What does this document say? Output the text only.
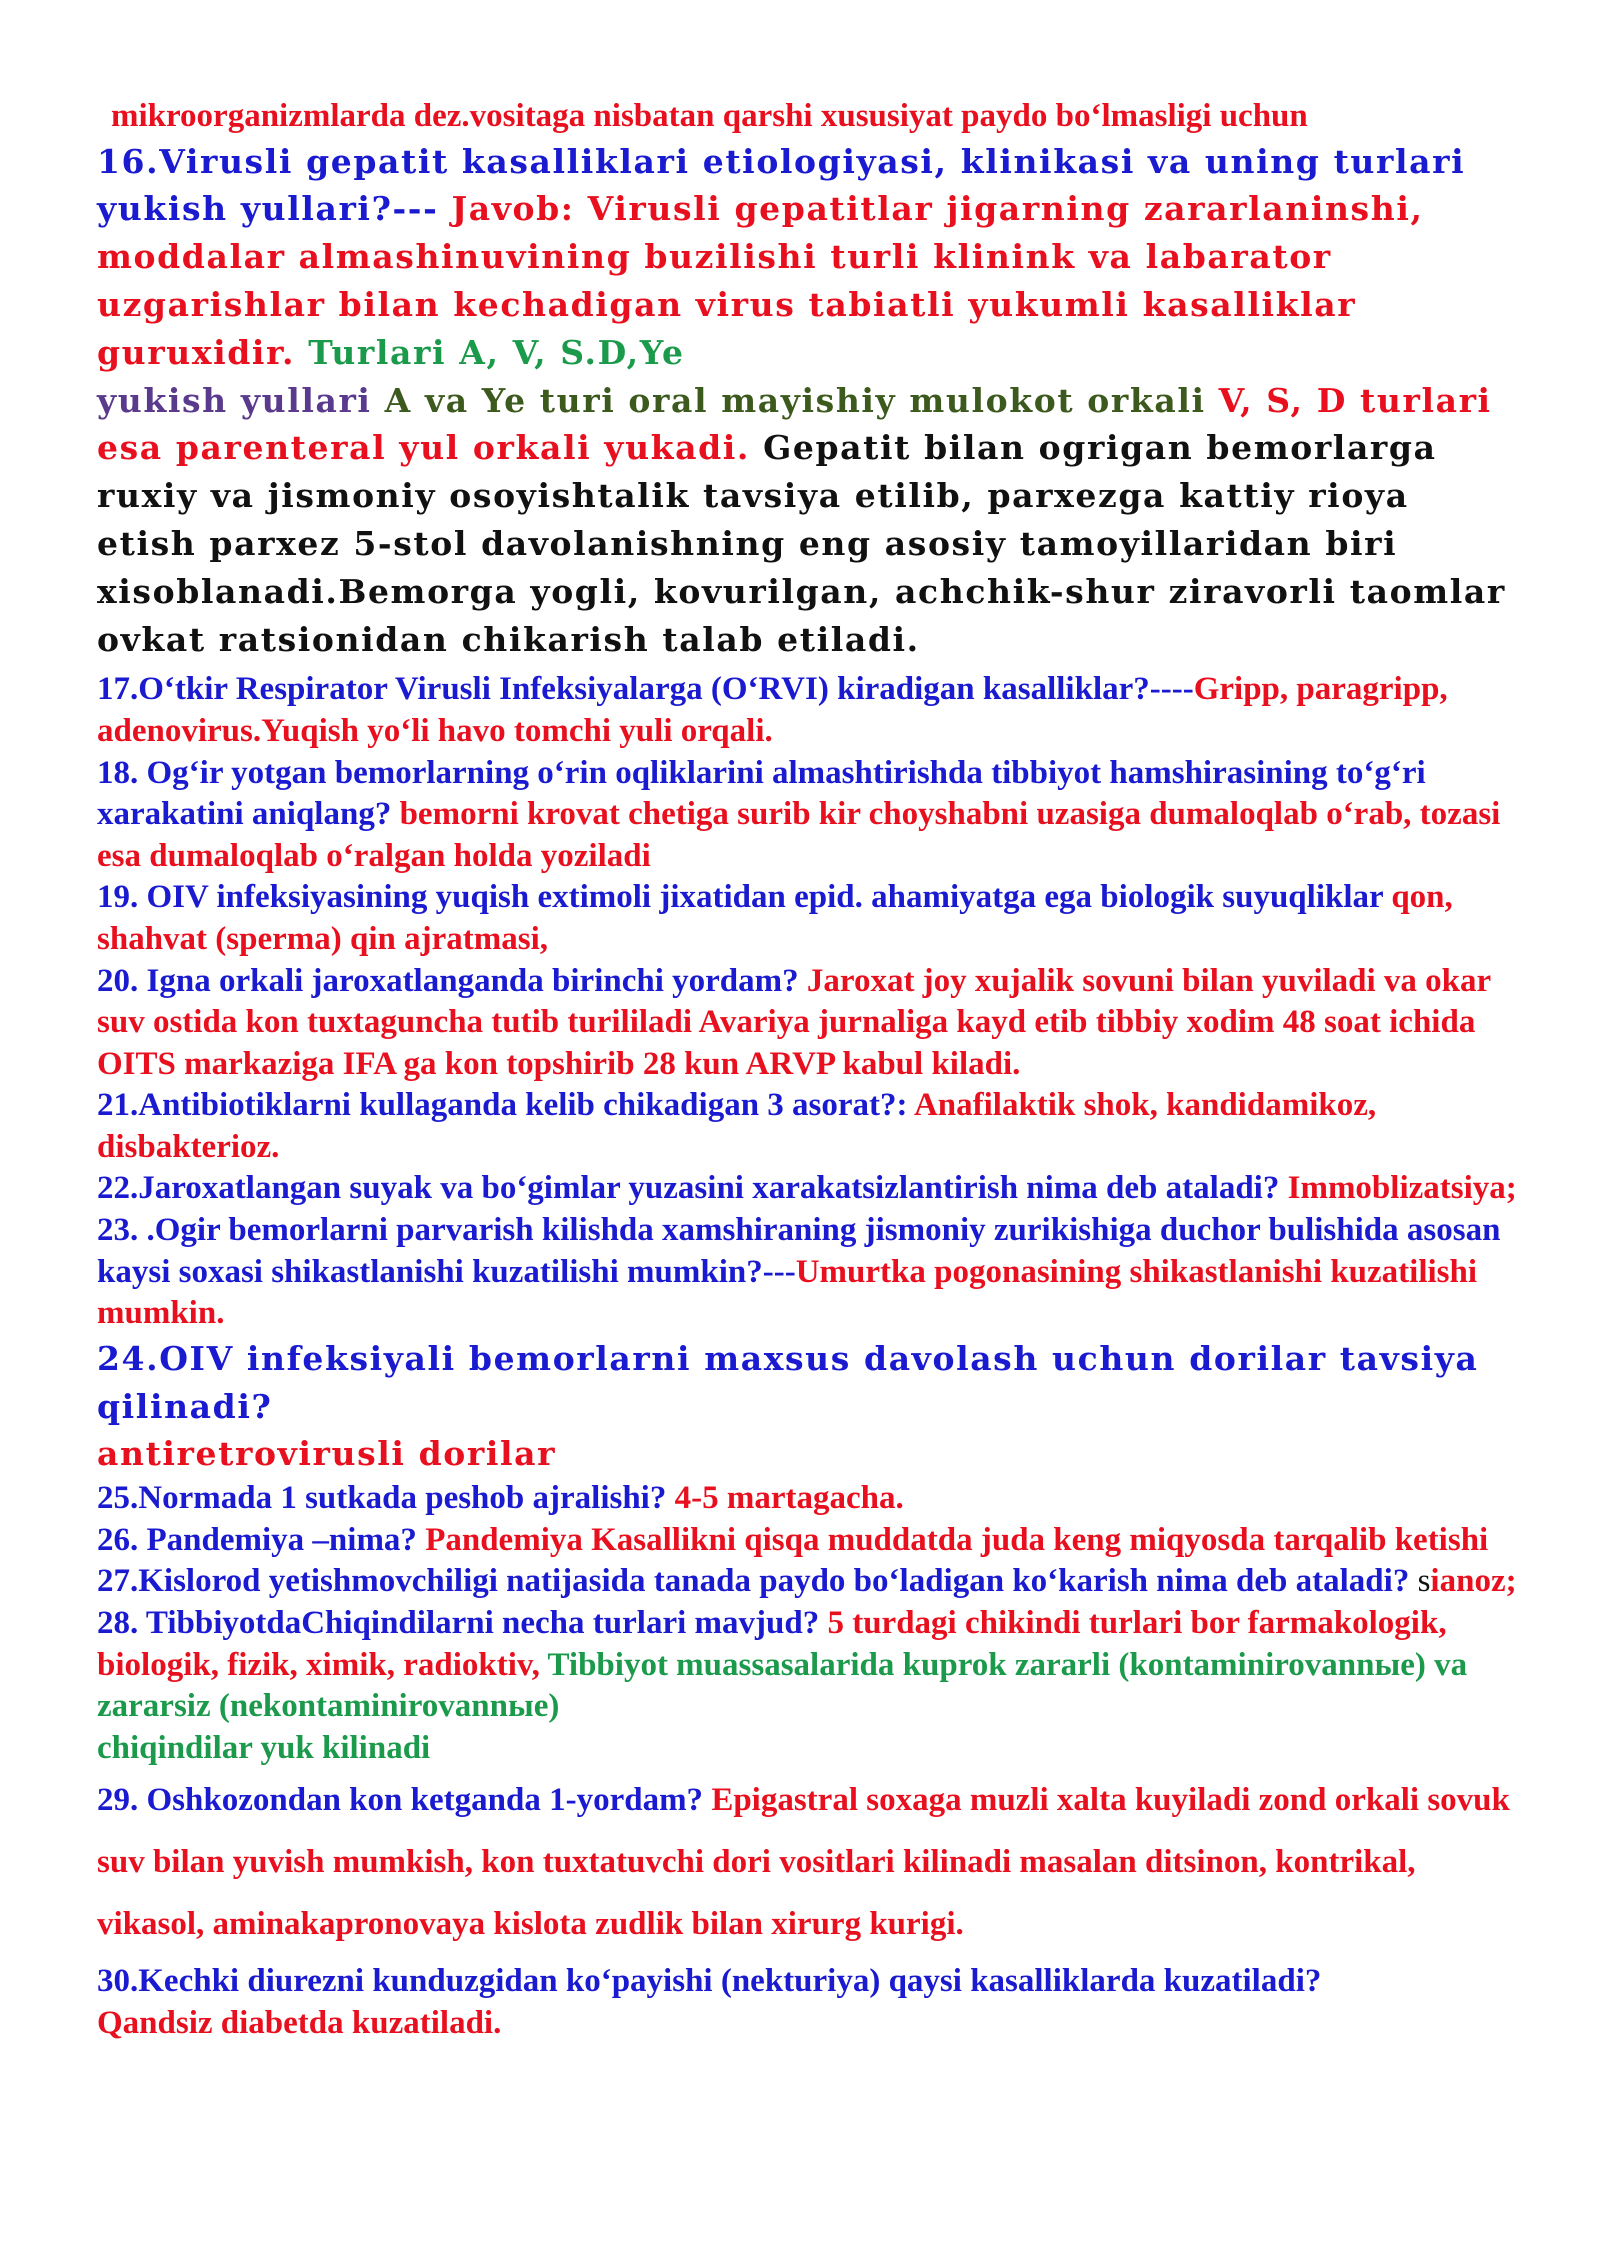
mikroorganizmlarda dez.vositaga nisbatan qarshi xususiyat paydo bo‘lmasligi uchun

16.Virusli gepatit kasalliklari etiologiyasi, klinikasi va uning turlari yukish yullari?--- Javob: Virusli gepatitlar jigarning zararlaninshi, moddalar almashinuvining buzilishi turli klinink va labarator uzgarishlar bilan kechadigan virus tabiatli yukumli kasalliklar guruxidir. Turlari A, V, S.D,Ye
yukish yullari A va Ye turi oral mayishiy mulokot orkali V, S, D turlari esa parenteral yul orkali yukadi. Gepatit bilan ogrigan bemorlarga ruxiy va jismoniy osoyishtalik tavsiya etilib, parxezga kattiy rioya etish parxez 5-stol davolanishning eng asosiy tamoyillaridan biri xisoblanadi.Bemorga yogli, kovurilgan, achchik-shur ziravorli taomlar ovkat ratsionidan chikarish talab etiladi.

17.O‘tkir Respirator Virusli Infeksiyalarga (O‘RVI) kiradigan kasalliklar?----Gripp, paragripp, adenovirus.Yuqish yo‘li havo tomchi yuli orqali.

18. Og‘ir yotgan bemorlarning o‘rin oqliklarini almashtirishda tibbiyot hamshirasining to‘g‘ri xarakatini aniqlang? bemorni krovat chetiga surib kir choyshabni uzasiga dumaloqlab o‘rab, tozasi esa dumaloqlab o‘ralgan holda yoziladi

19. OIV infeksiyasining yuqish extimoli jixatidan epid. ahamiyatga ega biologik suyuqliklar qon, shahvat (sperma) qin ajratmasi,

20. Igna orkali jaroxatlanganda birinchi yordam? Jaroxat joy xujalik sovuni bilan yuviladi va okar suv ostida kon tuxtaguncha tutib turililadi Avariya jurnaliga kayd etib tibbiy xodim 48 soat ichida OITS markaziga IFA ga kon topshirib 28 kun ARVP kabul kiladi.

21.Antibiotiklarni kullaganda kelib chikadigan 3 asorat?: Anafilaktik shok, kandidamikoz, disbakterioz.

22.Jaroxatlangan suyak va bo‘gimlar yuzasini xarakatsizlantirish nima deb ataladi? Immoblizatsiya;

23. .Ogir bemorlarni parvarish kilishda xamshiraning jismoniy zurikishiga duchor bulishida asosan kaysi soxasi shikastlanishi kuzatilishi mumkin?---Umurtka pogonasining shikastlanishi kuzatilishi mumkin.

24.OIV infeksiyali bemorlarni maxsus davolash uchun dorilar tavsiya qilinadi?
antiretrovirusli dorilar

25.Normada 1 sutkada peshob ajralishi? 4-5 martagacha.

26. Pandemiya –nima? Pandemiya Kasallikni qisqa muddatda juda keng miqyosda tarqalib ketishi

27.Kislorod yetishmovchiligi natijasida tanada paydo bo‘ladigan ko‘karish nima deb ataladi? sianoz;

28. TibbiyotdaChiqindilarni necha turlari mavjud? 5 turdagi chikindi turlari bor farmakologik, biologik, fizik, ximik, radioktiv, Tibbiyot muassasalarida kuprok zararli (kontaminirovannые) va zararsiz (nekontaminirovannые)
chiqindilar yuk kilinadi

29. Oshkozondan kon ketganda 1-yordam? Epigastral soxaga muzli xalta kuyiladi zond orkali sovuk suv bilan yuvish mumkish, kon tuxtatuvchi dori vositlari kilinadi masalan ditsinon, kontrikal, vikasol, aminakapronovaya kislota zudlik bilan xirurg kurigi.

30.Kechki diurezni kunduzgidan ko‘payishi (nekturiya) qaysi kasalliklarda kuzatiladi?
Qandsiz diabetda kuzatiladi.
